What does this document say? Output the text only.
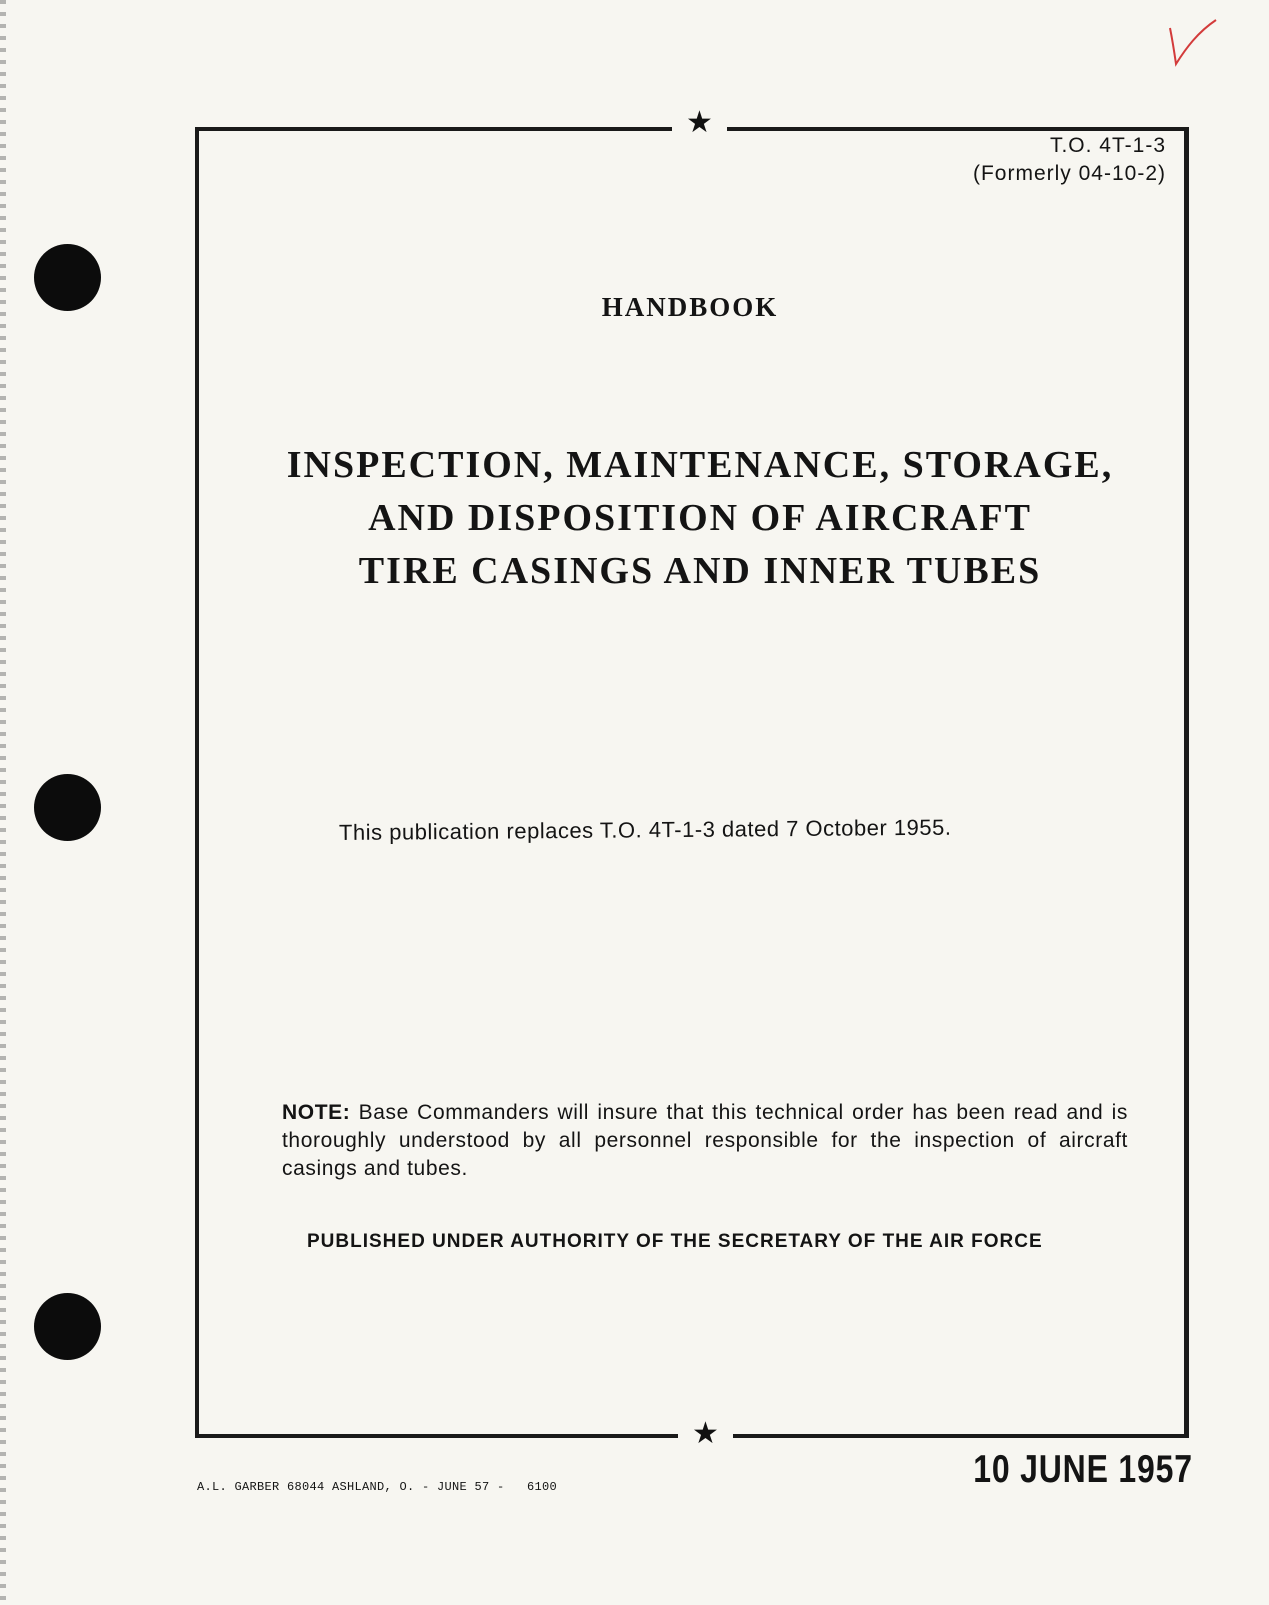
★
★
T.O. 4T-1-3
(Formerly 04-10-2)
HANDBOOK
INSPECTION, MAINTENANCE, STORAGE,
AND DISPOSITION OF AIRCRAFT
TIRE CASINGS AND INNER TUBES
This publication replaces T.O. 4T-1-3 dated 7 October 1955.
NOTE: Base Commanders will insure that this technical order has been read and is thoroughly understood by all personnel responsible for the inspection of aircraft casings and tubes.
PUBLISHED UNDER AUTHORITY OF THE SECRETARY OF THE AIR FORCE
A.L. GARBER 68044 ASHLAND, O. - JUNE 57 -   6100	10 JUNE 1957
